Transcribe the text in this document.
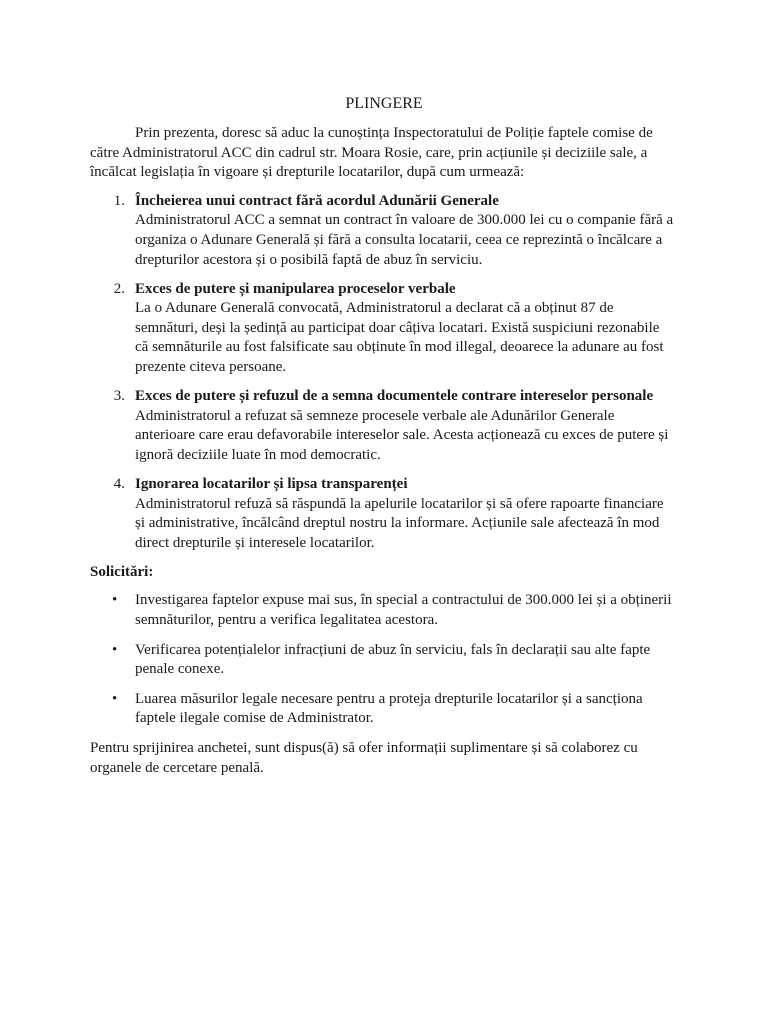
PLINGERE

Prin prezenta, doresc să aduc la cunoștința Inspectoratului de Poliție faptele comise de către Administratorul ACC din cadrul str. Moara Rosie, care, prin acțiunile și deciziile sale, a încălcat legislația în vigoare și drepturile locatarilor, după cum urmează:

1. Încheierea unui contract fără acordul Adunării Generale
Administratorul ACC a semnat un contract în valoare de 300.000 lei cu o companie fără a organiza o Adunare Generală și fără a consulta locatarii, ceea ce reprezintă o încălcare a drepturilor acestora și o posibilă faptă de abuz în serviciu.
2. Exces de putere și manipularea proceselor verbale
La o Adunare Generală convocată, Administratorul a declarat că a obținut 87 de semnături, deși la ședință au participat doar câțiva locatari. Există suspiciuni rezonabile că semnăturile au fost falsificate sau obținute în mod illegal, deoarece la adunare au fost prezente citeva persoane.
3. Exces de putere și refuzul de a semna documentele contrare intereselor personale
Administratorul a refuzat să semneze procesele verbale ale Adunărilor Generale anterioare care erau defavorabile intereselor sale. Acesta acționează cu exces de putere și ignoră deciziile luate în mod democratic.
4. Ignorarea locatarilor și lipsa transparenței
Administratorul refuză să răspundă la apelurile locatarilor și să ofere rapoarte financiare și administrative, încălcând dreptul nostru la informare. Acțiunile sale afectează în mod direct drepturile și interesele locatarilor.

Solicitări:

• Investigarea faptelor expuse mai sus, în special a contractului de 300.000 lei și a obținerii semnăturilor, pentru a verifica legalitatea acestora.
• Verificarea potențialelor infracțiuni de abuz în serviciu, fals în declarații sau alte fapte penale conexe.
• Luarea măsurilor legale necesare pentru a proteja drepturile locatarilor și a sancționa faptele ilegale comise de Administrator.

Pentru sprijinirea anchetei, sunt dispus(ă) să ofer informații suplimentare și să colaborez cu organele de cercetare penală.
